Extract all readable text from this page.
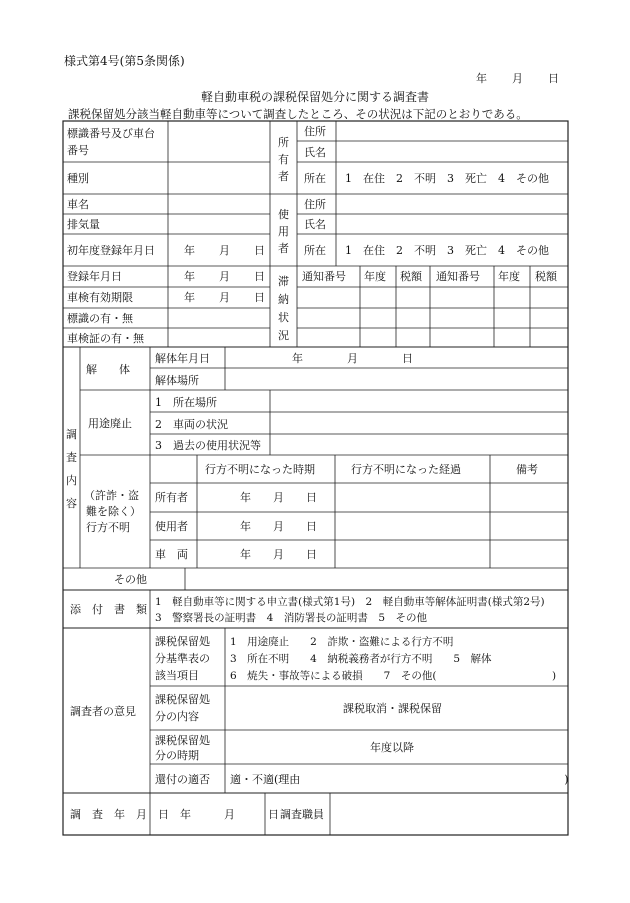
様式第4号(第5条関係)
年　　月　　日
軽自動車税の課税保留処分に関する調査書
課税保留処分該当軽自動車等について調査したところ、その状況は下記のとおりである。
標識番号及び車台
番号
種別
車名
排気量
初年度登録年月日
登録年月日
車検有効期限
標識の有・無
車検証の有・無
年 月 日
年 月 日
年 月 日
所
有
者
使
用
者
滞
納
状
況
住所
氏名
所在 1　在住　2　不明　3　死亡　4　その他
住所
氏名
所在 1　在住　2　不明　3　死亡　4　その他
通知番号 年度 税額 通知番号 年度 税額
調
査
内
容
解　　体
解体年月日
解体場所
年　　　　月　　　　日
用途廃止
1　所在場所
2　車両の状況
3　過去の使用状況等
（許詐・盗
難を除く）
行方不明
行方不明になった時期	行方不明になった経過	備考
所有者
使用者
車　両
年　　月　　日
年　　月　　日
年　　月　　日
その他
添　付　書　類
1　軽自動車等に関する申立書(様式第1号)　2　軽自動車等解体証明書(様式第2号)
3　警察署長の証明書　4　消防署長の証明書　5　その他
調査者の意見
課税保留処
分基準表の
該当項目
1　用途廃止　　2　詐欺・盗難による行方不明
3　所在不明　　4　納税義務者が行方不明　　5　解体
6　焼失・事故等による破損　　7　その他(　　　　　　　　　　　)
課税保留処
分の内容
課税取消・課税保留
課税保留処
分の時期
年度以降
還付の適否 適・不適(理由　　　　　　　　　　　　　　　　　　　　　　　　)
調　査　年　月　日 年　　　月　　　日 調査職員
